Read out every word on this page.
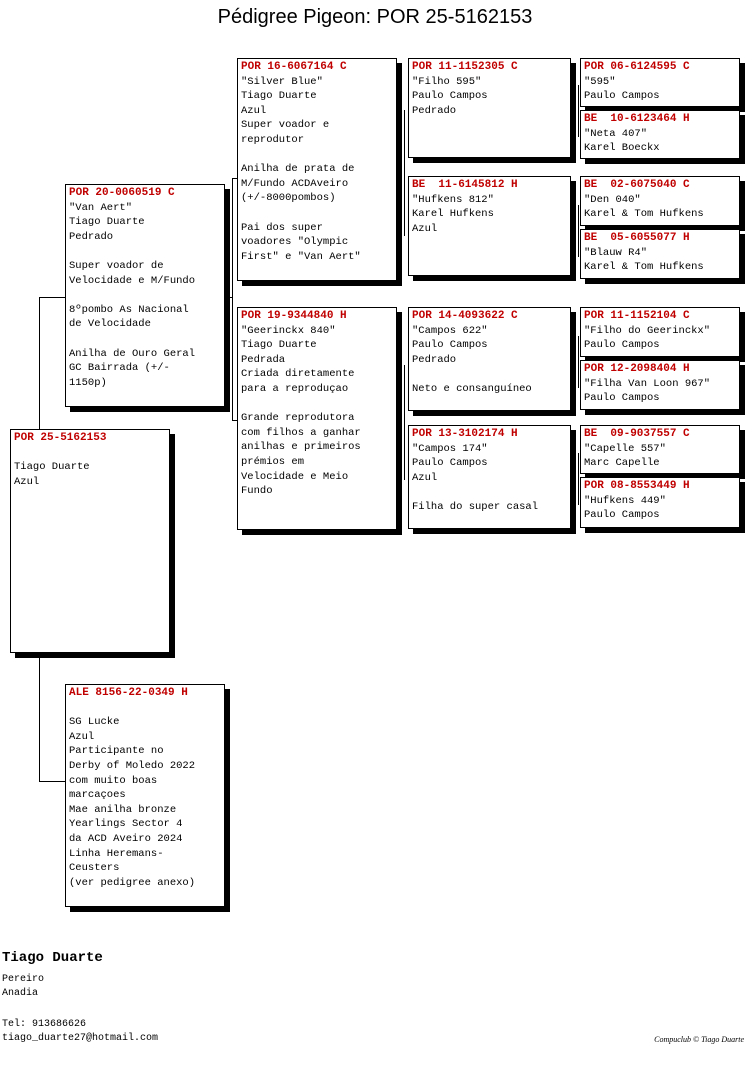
Pédigree Pigeon: POR 25-5162153
POR 25-5162153
Tiago Duarte
Azul
POR 20-0060519 C
"Van Aert"
Tiago Duarte
Pedrado
Super voador de
Velocidade e M/Fundo
8ºpombo As Nacional
de Velocidade
Anilha de Ouro Geral
GC Bairrada (+/-
1150p)
ALE 8156-22-0349 H
SG Lucke
Azul
Participante no
Derby of Moledo 2022
com muito boas
marcaçoes
Mae anilha bronze
Yearlings Sector 4
da ACD Aveiro 2024
Linha Heremans-
Ceusters
(ver pedigree anexo)
POR 16-6067164 C
"Silver Blue"
Tiago Duarte
Azul
Super voador e
reprodutor
Anilha de prata de
M/Fundo ACDAveiro
(+/-8000pombos)
Pai dos super
voadores "Olympic
First" e "Van Aert"
POR 19-9344840 H
"Geerinckx 840"
Tiago Duarte
Pedrada
Criada diretamente
para a reproduçao
Grande reprodutora
com filhos a ganhar
anilhas e primeiros
prémios em
Velocidade e Meio
Fundo
POR 11-1152305 C
"Filho 595"
Paulo Campos
Pedrado
BE  11-6145812 H
"Hufkens 812"
Karel Hufkens
Azul
POR 14-4093622 C
"Campos 622"
Paulo Campos
Pedrado
Neto e consanguíneo
POR 13-3102174 H
"Campos 174"
Paulo Campos
Azul
Filha do super casal
POR 06-6124595 C
"595"
Paulo Campos
BE  10-6123464 H
"Neta 407"
Karel Boeckx
BE  02-6075040 C
"Den 040"
Karel & Tom Hufkens
BE  05-6055077 H
"Blauw R4"
Karel & Tom Hufkens
POR 11-1152104 C
"Filho do Geerinckx"
Paulo Campos
POR 12-2098404 H
"Filha Van Loon 967"
Paulo Campos
BE  09-9037557 C
"Capelle 557"
Marc Capelle
POR 08-8553449 H
"Hufkens 449"
Paulo Campos
Tiago Duarte
Pereiro
Anadia
Tel: 913686626
tiago_duarte27@hotmail.com	Compuclub © Tiago Duarte
